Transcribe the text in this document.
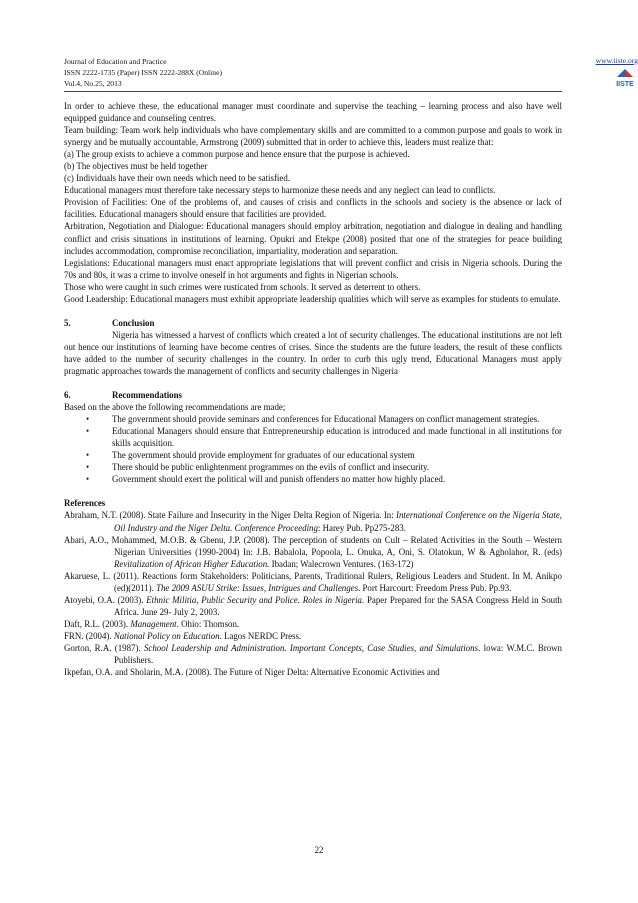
Journal of Education and Practice
ISSN 2222-1735 (Paper) ISSN 2222-288X (Online)
Vol.4, No.25, 2013
www.iiste.org
IISTE

In order to achieve these, the educational manager must coordinate and supervise the teaching – learning process and also have well equipped guidance and counseling centres.

Team building: Team work help individuals who have complementary skills and are committed to a common purpose and goals to work in synergy and be mutually accountable, Armstrong (2009) submitted that in order to achieve this, leaders must realize that:

(a) The group exists to achieve a common purpose and hence ensure that the purpose is achieved.

(b) The objectives must be held together

(c) Individuals have their own needs which need to be satisfied.

Educational managers must therefore take necessary steps to harmonize these needs and any neglect can lead to conflicts.

Provision of Facilities: One of the problems of, and causes of crisis and conflicts in the schools and society is the absence or lack of facilities. Educational managers should ensure that facilities are provided.

Arbitration, Negotiation and Dialogue: Educational managers should employ arbitration, negotiation and dialogue in dealing and handling conflict and crisis situations in institutions of learning. Opukri and Etekpe (2008) posited that one of the strategies for peace building includes accommodation, compromise reconciliation, impartiality, moderation and separation.

Legislations: Educational managers must enact appropriate legislations that will prevent conflict and crisis in Nigeria schools. During the 70s and 80s, it was a crime to involve oneself in hot arguments and fights in Nigerian schools.

Those who were caught in such crimes were rusticated from schools. It served as deterrent to others.

Good Leadership: Educational managers must exhibit appropriate leadership qualities which will serve as examples for students to emulate.

5.	Conclusion

Nigeria has witnessed a harvest of conflicts which created a lot of security challenges. The educational institutions are not left out hence our institutions of learning have become centres of crises. Since the students are the future leaders, the result of these conflicts have added to the number of security challenges in the country. In order to curb this ugly trend, Educational Managers must apply pragmatic approaches towards the management of conflicts and security challenges in Nigeria

6.	Recommendations

Based on the above the following recommendations are made;

•	The government should provide seminars and conferences for Educational Managers on conflict management strategies.
•	Educational Managers should ensure that Entrepreneurship education is introduced and made functional in all institutions for skills acquisition.
•	The government should provide employment for graduates of our educational system
•	There should be public enlightenment programmes on the evils of conflict and insecurity.
•	Government should exert the political will and punish offenders no matter how highly placed.

References

Abraham, N.T. (2008). State Failure and Insecurity in the Niger Delta Region of Nigeria. In: International Conference on the Nigeria State, Oil Industry and the Niger Delta. Conference Proceeding: Harey Pub. Pp275-283.

Abari, A.O., Mohammed, M.O.B. & Gbenu, J.P. (2008). The perception of students on Cult – Related Activities in the South – Western Nigerian Universities (1990-2004) In: J.B. Babalola, Popoola, L. Onuka, A, Oni, S. Olatokun, W & Agholahor, R. (eds) Revitalization of African Higher Education. Ibadan; Walecrown Ventures. (163-172)

Akaruese, L. (2011). Reactions form Stakeholders: Politicians, Parents, Traditional Rulers, Religious Leaders and Student. In M. Anikpo (ed)(2011). The 2009 ASUU Strike: Issues, Intrigues and Challenges. Port Harcourt: Freedom Press Pub. Pp.93.

Atoyebi, O.A. (2003). Ethnic Militia, Public Security and Police. Roles in Nigeria. Paper Prepared for the SASA Congress Held in South Africa. June 29- July 2, 2003.

Daft, R.L. (2003). Management. Ohio: Thomson.

FRN. (2004). National Policy on Education. Lagos NERDC Press.

Gorton, R.A. (1987). School Leadership and Administration. Important Concepts, Case Studies, and Simulations. lowa: W.M.C. Brown Publishers.

Ikpefan, O.A. and Sholarin, M.A. (2008). The Future of Niger Delta: Alternative Economic Activities and

22
